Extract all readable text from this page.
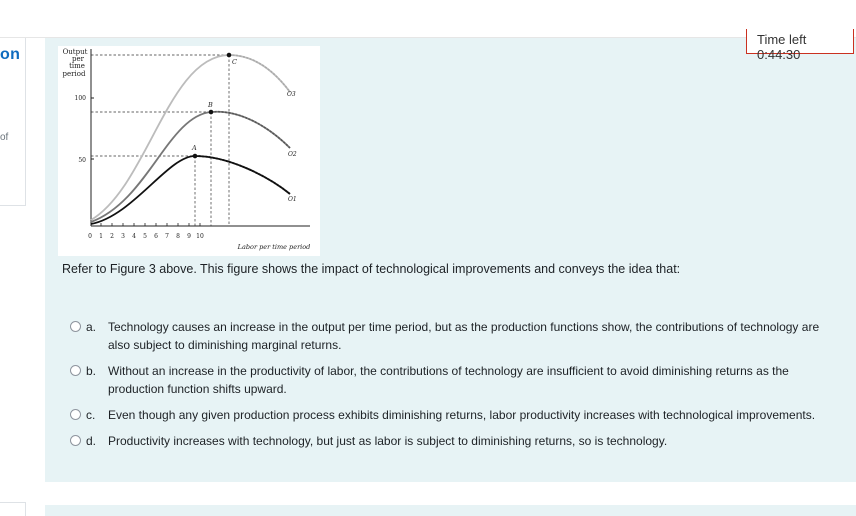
on
of
Time left 0:44:30
Output
per
time
period
100
50
0 1 2 3 4 5 6 7 8 9 10
Labor per time period
A
B
C
O3
O2
O1
Refer to Figure 3 above. This figure shows the impact of technological improvements and conveys the idea that:
a. Technology causes an increase in the output per time period, but as the production functions show, the contributions of technology are also subject to diminishing marginal returns.
b. Without an increase in the productivity of labor, the contributions of technology are insufficient to avoid diminishing returns as the production function shifts upward.
c. Even though any given production process exhibits diminishing returns, labor productivity increases with technological improvements.
d. Productivity increases with technology, but just as labor is subject to diminishing returns, so is technology.
